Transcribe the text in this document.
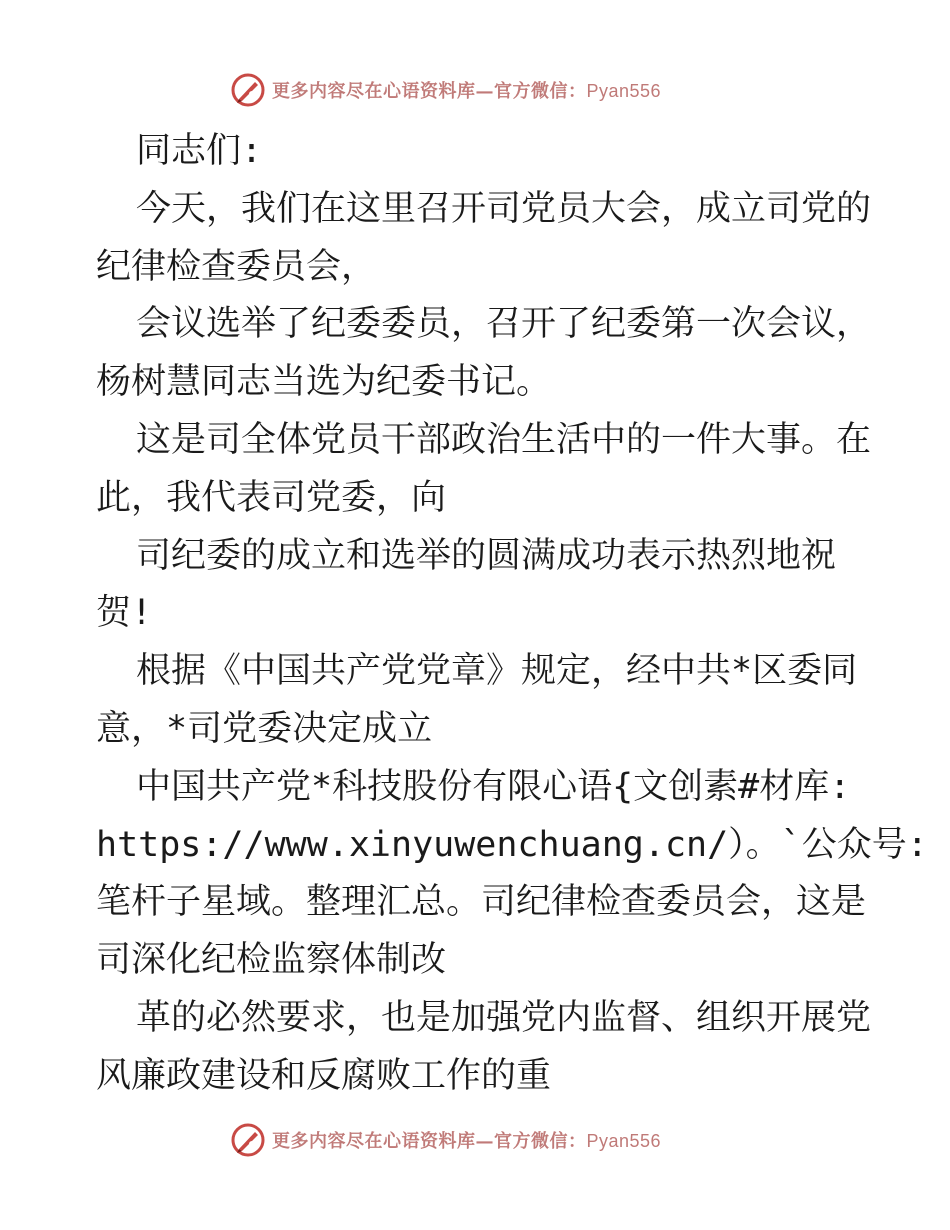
更多内容尽在心语资料库—官方微信：Pyan556
同志们:
今天，我们在这里召开司党员大会，成立司党的
纪律检查委员会，
会议选举了纪委委员，召开了纪委第一次会议，
杨树慧同志当选为纪委书记。
这是司全体党员干部政治生活中的一件大事。在
此，我代表司党委，向
司纪委的成立和选举的圆满成功表示热烈地祝
贺!
根据《中国共产党党章》规定，经中共*区委同
意，*司党委决定成立
中国共产党*科技股份有限心语{文创素#材库:
https://www.xinyuwenchuang.cn/）。`公众号:
笔杆子星域。整理汇总。司纪律检查委员会，这是
司深化纪检监察体制改
革的必然要求，也是加强党内监督、组织开展党
风廉政建设和反腐败工作的重
更多内容尽在心语资料库—官方微信：Pyan556
